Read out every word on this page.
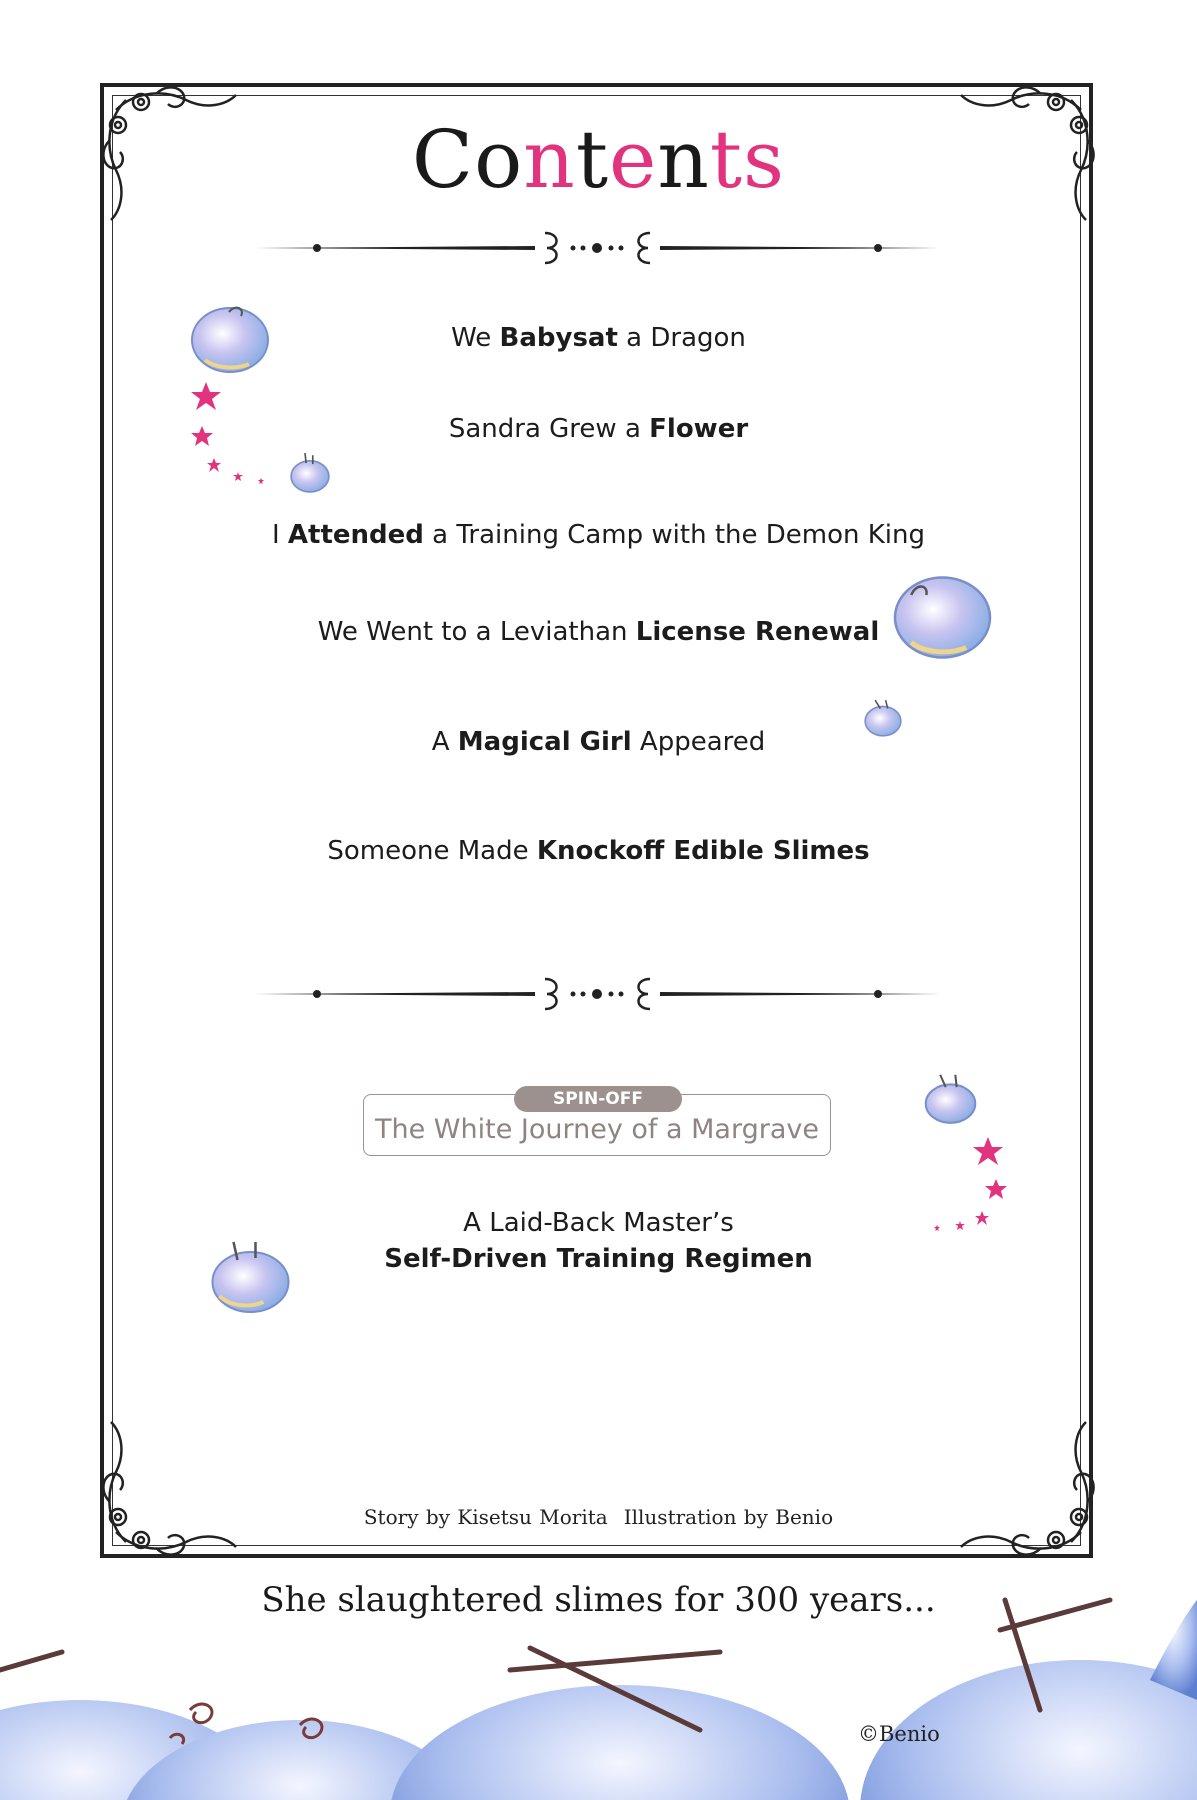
Contents
We Babysat a Dragon
Sandra Grew a Flower
I Attended a Training Camp with the Demon King
We Went to a Leviathan License Renewal
A Magical Girl Appeared
Someone Made Knockoff Edible Slimes
SPIN-OFF
The White Journey of a Margrave
A Laid-Back Master’s
Self-Driven Training Regimen
Story by Kisetsu Morita Illustration by Benio
She slaughtered slimes for 300 years...
©Benio
